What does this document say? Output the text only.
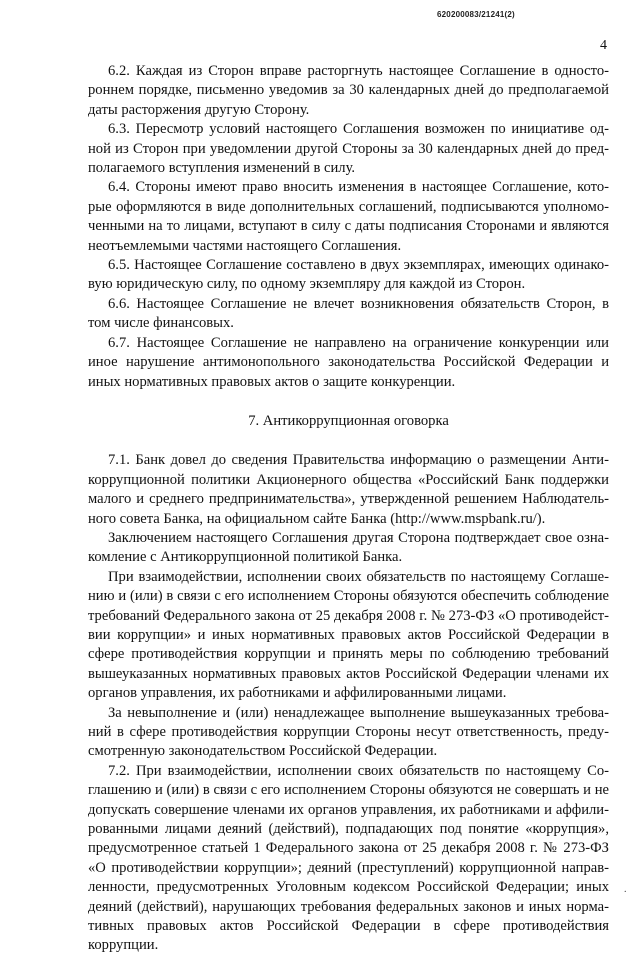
620200083/21241(2)
4

6.2. Каждая из Сторон вправе расторгнуть настоящее Соглашение в одностороннем порядке, письменно уведомив за 30 календарных дней до предполагаемой даты расторжения другую Сторону.

6.3. Пересмотр условий настоящего Соглашения возможен по инициативе одной из Сторон при уведомлении другой Стороны за 30 календарных дней до предполагаемого вступления изменений в силу.

6.4. Стороны имеют право вносить изменения в настоящее Соглашение, которые оформляются в виде дополнительных соглашений, подписываются уполномоченными на то лицами, вступают в силу с даты подписания Сторонами и являются неотъемлемыми частями настоящего Соглашения.

6.5. Настоящее Соглашение составлено в двух экземплярах, имеющих одинаковую юридическую силу, по одному экземпляру для каждой из Сторон.

6.6. Настоящее Соглашение не влечет возникновения обязательств Сторон, в том числе финансовых.

6.7. Настоящее Соглашение не направлено на ограничение конкуренции или иное нарушение антимонопольного законодательства Российской Федерации и иных нормативных правовых актов о защите конкуренции.

7. Антикоррупционная оговорка

7.1. Банк довел до сведения Правительства информацию о размещении Антикоррупционной политики Акционерного общества «Российский Банк поддержки малого и среднего предпринимательства», утвержденной решением Наблюдательного совета Банка, на официальном сайте Банка (http://www.mspbank.ru/).

Заключением настоящего Соглашения другая Сторона подтверждает свое ознакомление с Антикоррупционной политикой Банка.

При взаимодействии, исполнении своих обязательств по настоящему Соглашению и (или) в связи с его исполнением Стороны обязуются обеспечить соблюдение требований Федерального закона от 25 декабря 2008 г. № 273-ФЗ «О противодействии коррупции» и иных нормативных правовых актов Российской Федерации в сфере противодействия коррупции и принять меры по соблюдению требований вышеуказанных нормативных правовых актов Российской Федерации членами их органов управления, их работниками и аффилированными лицами.

За невыполнение и (или) ненадлежащее выполнение вышеуказанных требований в сфере противодействия коррупции Стороны несут ответственность, предусмотренную законодательством Российской Федерации.

7.2. При взаимодействии, исполнении своих обязательств по настоящему Соглашению и (или) в связи с его исполнением Стороны обязуются не совершать и не допускать совершение членами их органов управления, их работниками и аффилированными лицами деяний (действий), подпадающих под понятие «коррупция», предусмотренное статьей 1 Федерального закона от 25 декабря 2008 г. № 273-ФЗ «О противодействии коррупции»; деяний (преступлений) коррупционной направленности, предусмотренных Уголовным кодексом Российской Федерации; иных деяний (действий), нарушающих требования федеральных законов и иных нормативных правовых актов Российской Федерации в сфере противодействия коррупции.

.
